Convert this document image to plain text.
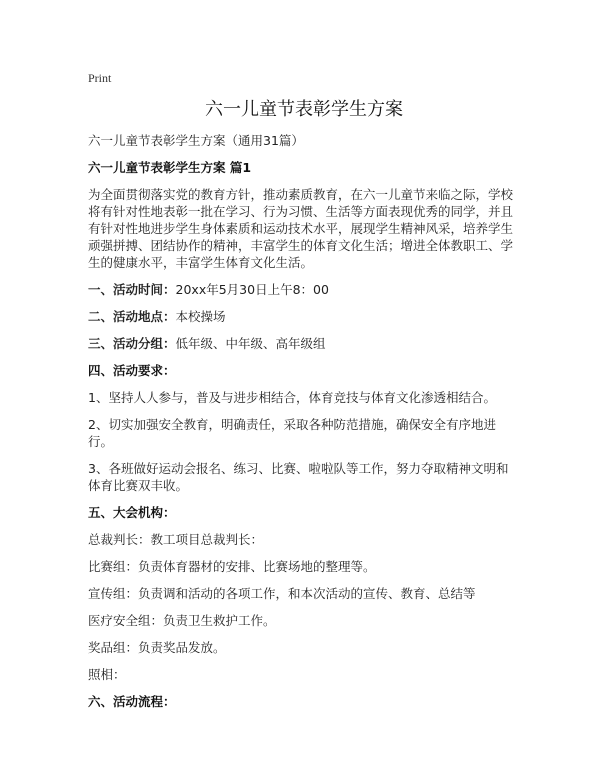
Print

六一儿童节表彰学生方案

六一儿童节表彰学生方案（通用31篇）

六一儿童节表彰学生方案 篇1

为全面贯彻落实党的教育方针，推动素质教育，在六一儿童节来临之际，学校将有针对性地表彰一批在学习、行为习惯、生活等方面表现优秀的同学，并且有针对性地进步学生身体素质和运动技术水平，展现学生精神风采，培养学生顽强拼搏、团结协作的精神，丰富学生的体育文化生活；增进全体教职工、学生的健康水平，丰富学生体育文化生活。

一、活动时间：20xx年5月30日上午8：00

二、活动地点：本校操场

三、活动分组：低年级、中年级、高年级组

四、活动要求：

1、坚持人人参与，普及与进步相结合，体育竞技与体育文化渗透相结合。

2、切实加强安全教育，明确责任，采取各种防范措施，确保安全有序地进行。

3、各班做好运动会报名、练习、比赛、啦啦队等工作，努力夺取精神文明和体育比赛双丰收。

五、大会机构：

总裁判长：教工项目总裁判长：

比赛组：负责体育器材的安排、比赛场地的整理等。

宣传组：负责调和活动的各项工作，和本次活动的宣传、教育、总结等

医疗安全组：负责卫生救护工作。

奖品组：负责奖品发放。

照相：

六、活动流程：
